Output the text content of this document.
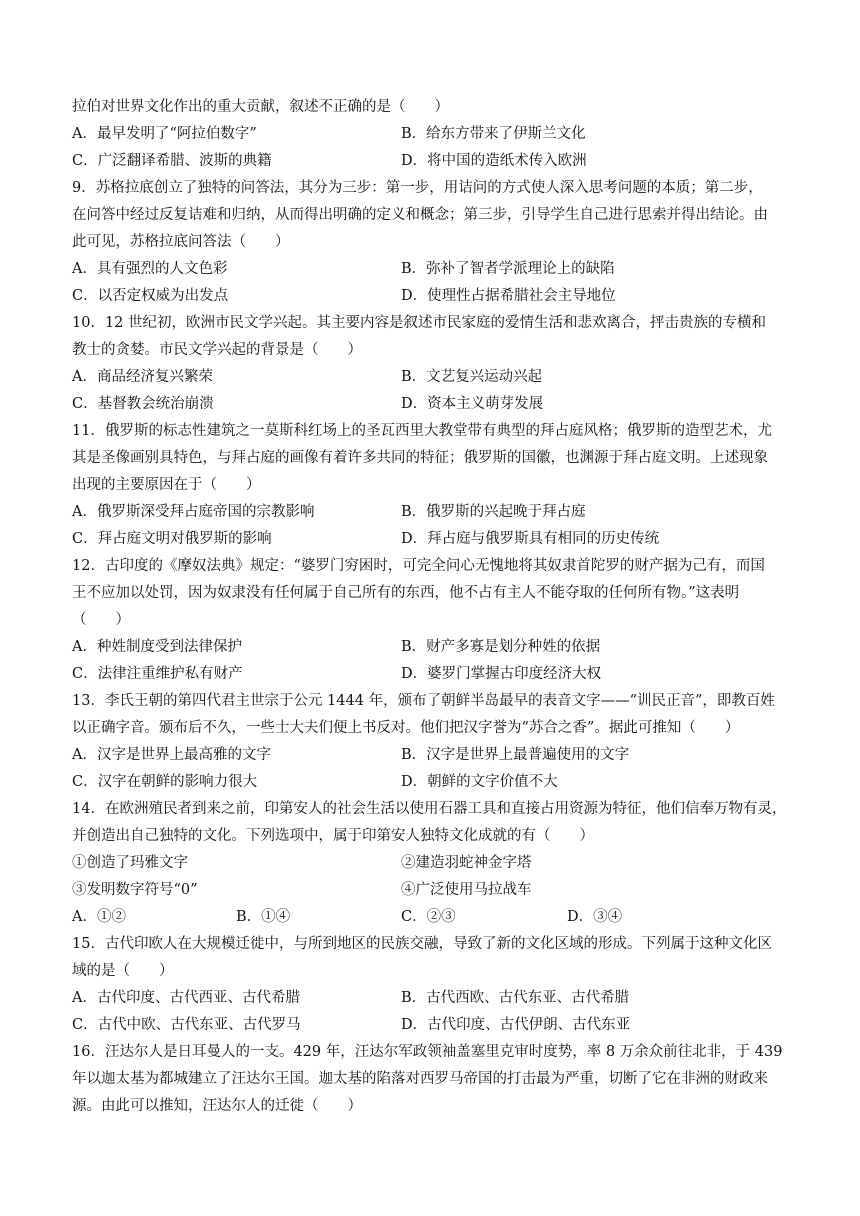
拉伯对世界文化作出的重大贡献，叙述不正确的是（　　）
A．最早发明了“阿拉伯数字”	B．给东方带来了伊斯兰文化
C．广泛翻译希腊、波斯的典籍	D．将中国的造纸术传入欧洲
9．苏格拉底创立了独特的问答法，其分为三步：第一步，用诘问的方式使人深入思考问题的本质；第二步，
在问答中经过反复诘难和归纳，从而得出明确的定义和概念；第三步，引导学生自己进行思索并得出结论。由
此可见，苏格拉底问答法（　　）
A．具有强烈的人文色彩	B．弥补了智者学派理论上的缺陷
C．以否定权威为出发点	D．使理性占据希腊社会主导地位
10．12 世纪初，欧洲市民文学兴起。其主要内容是叙述市民家庭的爱情生活和悲欢离合，抨击贵族的专横和
教士的贪婪。市民文学兴起的背景是（　　）
A．商品经济复兴繁荣	B．文艺复兴运动兴起
C．基督教会统治崩溃	D．资本主义萌芽发展
11．俄罗斯的标志性建筑之一莫斯科红场上的圣瓦西里大教堂带有典型的拜占庭风格；俄罗斯的造型艺术，尤
其是圣像画别具特色，与拜占庭的画像有着许多共同的特征；俄罗斯的国徽，也渊源于拜占庭文明。上述现象
出现的主要原因在于（　　）
A．俄罗斯深受拜占庭帝国的宗教影响	B．俄罗斯的兴起晚于拜占庭
C．拜占庭文明对俄罗斯的影响	D．拜占庭与俄罗斯具有相同的历史传统
12．古印度的《摩奴法典》规定：“婆罗门穷困时，可完全问心无愧地将其奴隶首陀罗的财产据为己有，而国
王不应加以处罚，因为奴隶没有任何属于自己所有的东西，他不占有主人不能夺取的任何所有物。”这表明
（　　）
A．种姓制度受到法律保护	B．财产多寡是划分种姓的依据
C．法律注重维护私有财产	D．婆罗门掌握古印度经济大权
13．李氏王朝的第四代君主世宗于公元 1444 年，颁布了朝鲜半岛最早的表音文字——“训民正音”，即教百姓
以正确字音。颁布后不久，一些士大夫们便上书反对。他们把汉字誉为“苏合之香”。据此可推知（　　）
A．汉字是世界上最高雅的文字	B．汉字是世界上最普遍使用的文字
C．汉字在朝鲜的影响力很大	D．朝鲜的文字价值不大
14．在欧洲殖民者到来之前，印第安人的社会生活以使用石器工具和直接占用资源为特征，他们信奉万物有灵，
并创造出自己独特的文化。下列选项中，属于印第安人独特文化成就的有（　　）
①创造了玛雅文字	②建造羽蛇神金字塔
③发明数字符号“0”	④广泛使用马拉战车
A．①②	B．①④	C．②③	D．③④
15．古代印欧人在大规模迁徙中，与所到地区的民族交融，导致了新的文化区域的形成。下列属于这种文化区
域的是（　　）
A．古代印度、古代西亚、古代希腊	B．古代西欧、古代东亚、古代希腊
C．古代中欧、古代东亚、古代罗马	D．古代印度、古代伊朗、古代东亚
16．汪达尔人是日耳曼人的一支。429 年，汪达尔军政领袖盖塞里克审时度势，率 8 万余众前往北非，于 439
年以迦太基为都城建立了汪达尔王国。迦太基的陷落对西罗马帝国的打击最为严重，切断了它在非洲的财政来
源。由此可以推知，汪达尔人的迁徙（　　）
